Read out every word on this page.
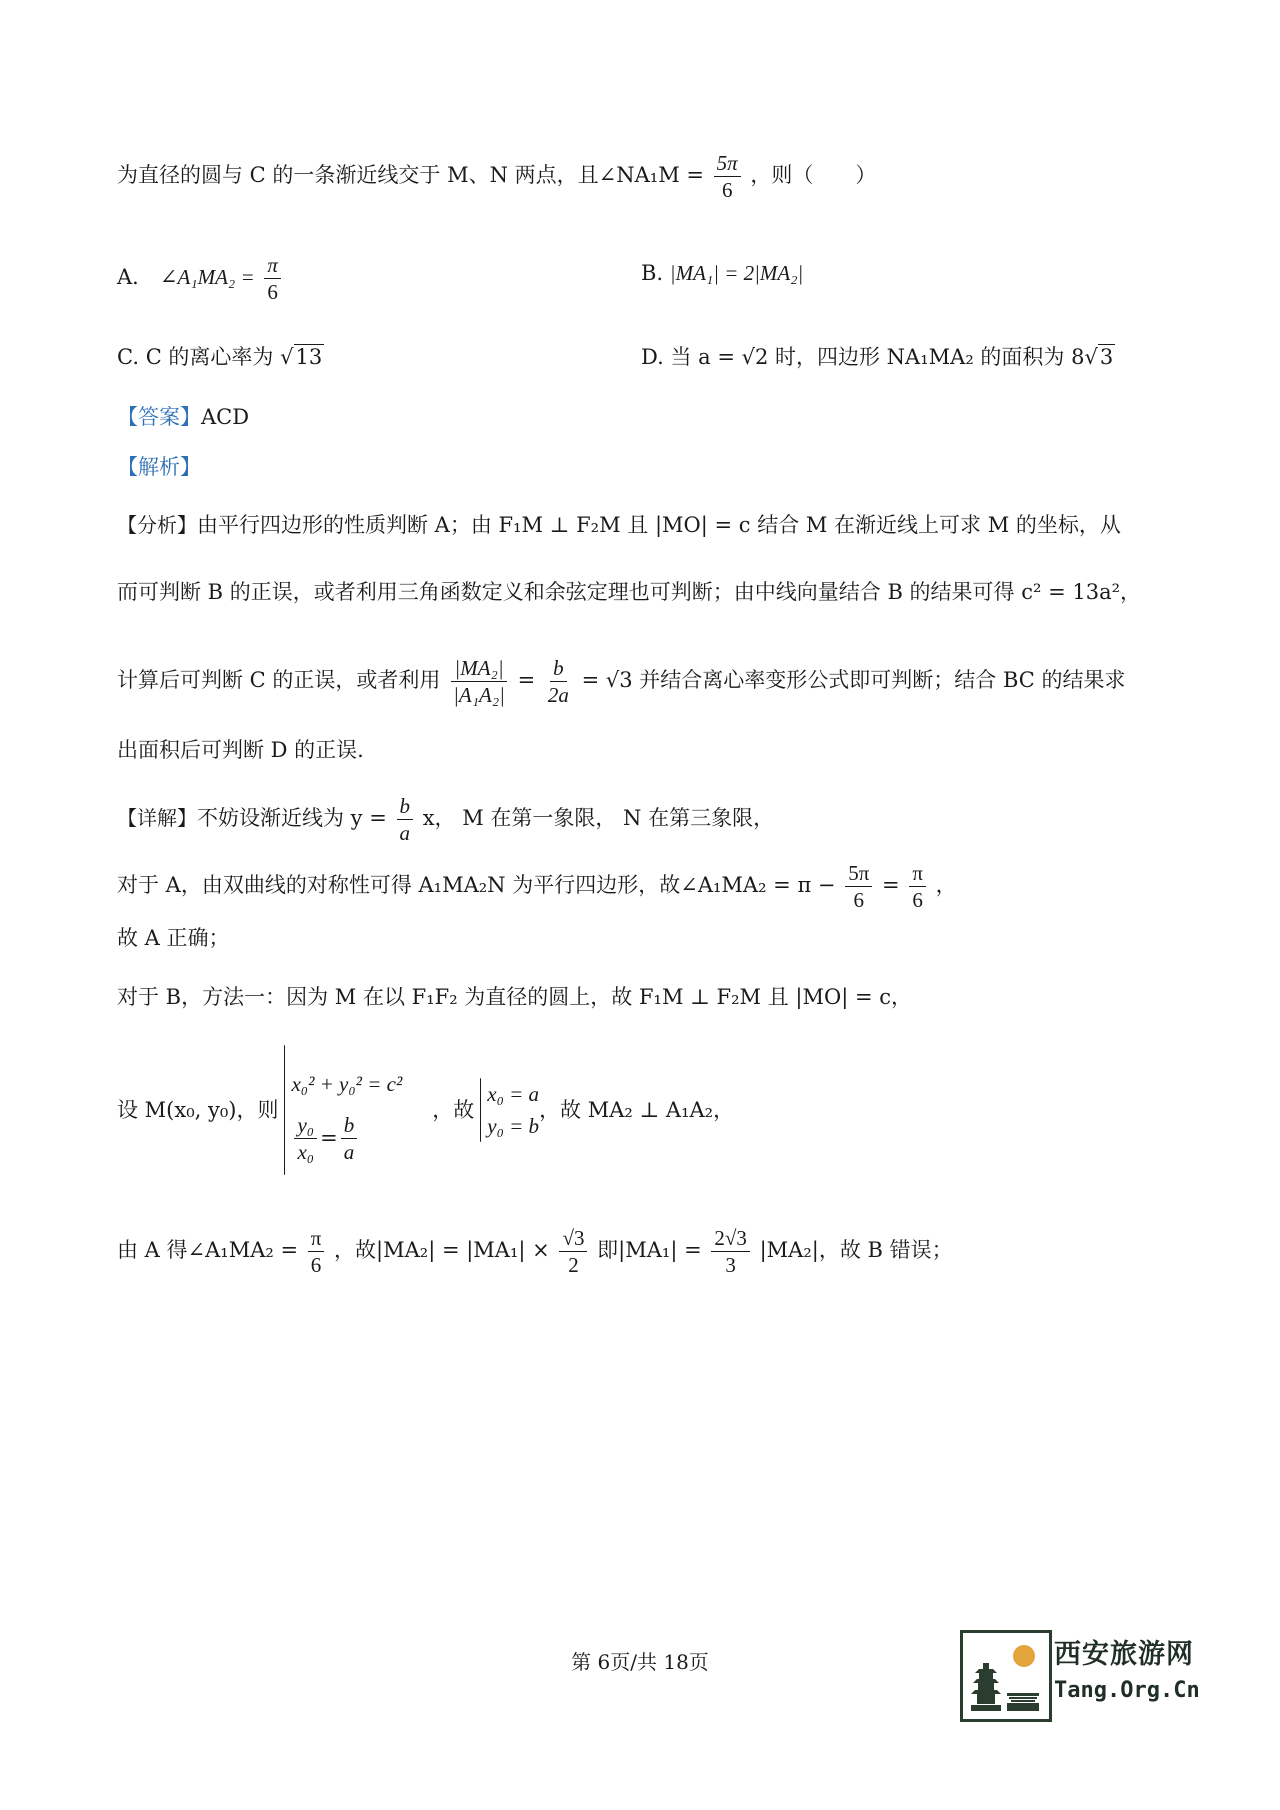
为直径的圆与 C 的一条渐近线交于 M、N 两点，且∠NA₁M = $\frac{5\pi}{6}$ ，则（　　）
A． ∠A₁MA₂ = $\frac{\pi}{6}$	B. |MA₁| = 2|MA₂|
C. C 的离心率为 √13	D. 当 a = √2 时，四边形 NA₁MA₂ 的面积为 8√3
【答案】ACD
【解析】
【分析】由平行四边形的性质判断 A；由 F₁M ⊥ F₂M 且 |MO| = c 结合 M 在渐近线上可求 M 的坐标，从
而可判断 B 的正误，或者利用三角函数定义和余弦定理也可判断；由中线向量结合 B 的结果可得 c² = 13a²，
计算后可判断 C 的正误，或者利用 $\frac{\text{|MA₂|}}{\text{|A₁A₂|}} = \frac{b}{2a} = √3$ 并结合离心率变形公式即可判断；结合 BC 的结果求
出面积后可判断 D 的正误.
【详解】不妨设渐近线为 $y = \frac{b}{a}$ x， M 在第一象限， N 在第三象限，
对于 A，由双曲线的对称性可得 A₁MA₂N 为平行四边形，故∠A₁MA₂ = $\pi - \frac{5\pi}{6} = \frac{\pi}{6}$ ，
故 A 正确；
对于 B，方法一：因为 M 在以 F₁F₂ 为直径的圆上，故 F₁M ⊥ F₂M 且 |MO| = c，
设 M(x₀, y₀)，则
x₀² + y₀² = c²
$\frac{\text{y₀}}{\text{x₀}} = \frac{b}{a}$
，故
x₀ = a
y₀ = b
，故 MA₂ ⊥ A₁A₂，
由 A 得∠A₁MA₂ = $\frac{\pi}{6}$ ，故$|MA_2| = |MA_1| \times \frac{√3}{2}$ 即$|MA_1| = \frac{2√3}{3} |MA_2|$，故 B 错误；
第 6页/共 18页	西安旅游网
Tang.Org.Cn
